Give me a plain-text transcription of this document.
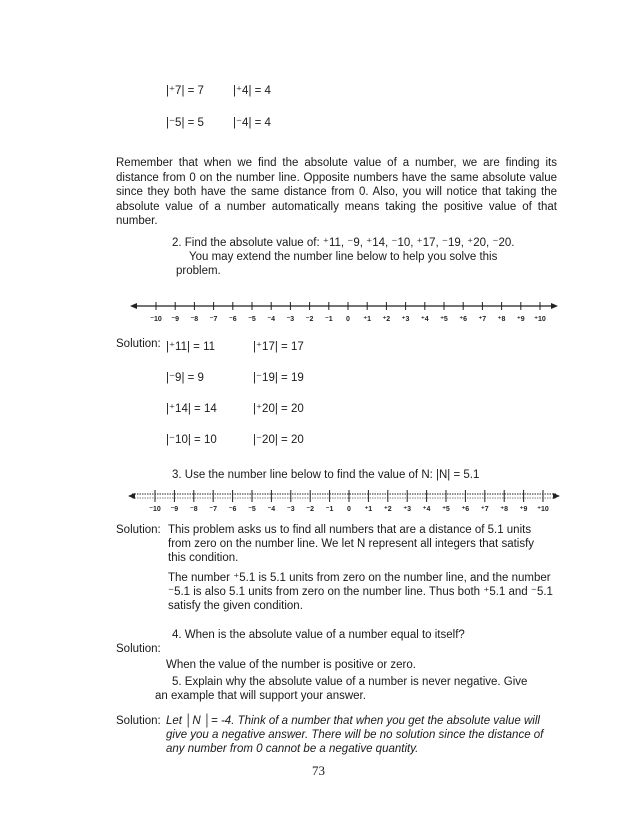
|⁺7| = 7	|⁺4| = 4
|⁻5| = 5	|⁻4| = 4
Remember that when we find the absolute value of a number, we are finding its distance from 0 on the number line. Opposite numbers have the same absolute value since they both have the same distance from 0. Also, you will notice that taking the absolute value of a number automatically means taking the positive value of that number.
2. Find the absolute value of: ⁺11, ⁻9, ⁺14, ⁻10, ⁺17, ⁻19, ⁺20, ⁻20.
You may extend the number line below to help you solve this
problem.
⁻10 ⁻9 ⁻8 ⁻7 ⁻6 ⁻5 ⁻4 ⁻3 ⁻2 ⁻1 0 ⁺1 ⁺2 ⁺3 ⁺4 ⁺5 ⁺6 ⁺7 ⁺8 ⁺9 ⁺10
Solution: |⁺11| = 11	|⁺17| = 17
|⁻9| = 9	|⁻19| = 19
|⁺14| = 14	|⁺20| = 20
|⁻10| = 10	|⁻20| = 20
3. Use the number line below to find the value of N: |N| = 5.1
⁻10 ⁻9 ⁻8 ⁻7 ⁻6 ⁻5 ⁻4 ⁻3 ⁻2 ⁻1 0 ⁺1 ⁺2 ⁺3 ⁺4 ⁺5 ⁺6 ⁺7 ⁺8 ⁺9 ⁺10
Solution: This problem asks us to find all numbers that are a distance of 5.1 units
from zero on the number line. We let N represent all integers that satisfy
this condition.
The number ⁺5.1 is 5.1 units from zero on the number line, and the number
⁻5.1 is also 5.1 units from zero on the number line. Thus both ⁺5.1 and ⁻5.1
satisfy the given condition.
4. When is the absolute value of a number equal to itself?
Solution:
When the value of the number is positive or zero.
5. Explain why the absolute value of a number is never negative. Give
an example that will support your answer.
Solution: Let │N │= -4. Think of a number that when you get the absolute value will
give you a negative answer. There will be no solution since the distance of
any number from 0 cannot be a negative quantity.
73
